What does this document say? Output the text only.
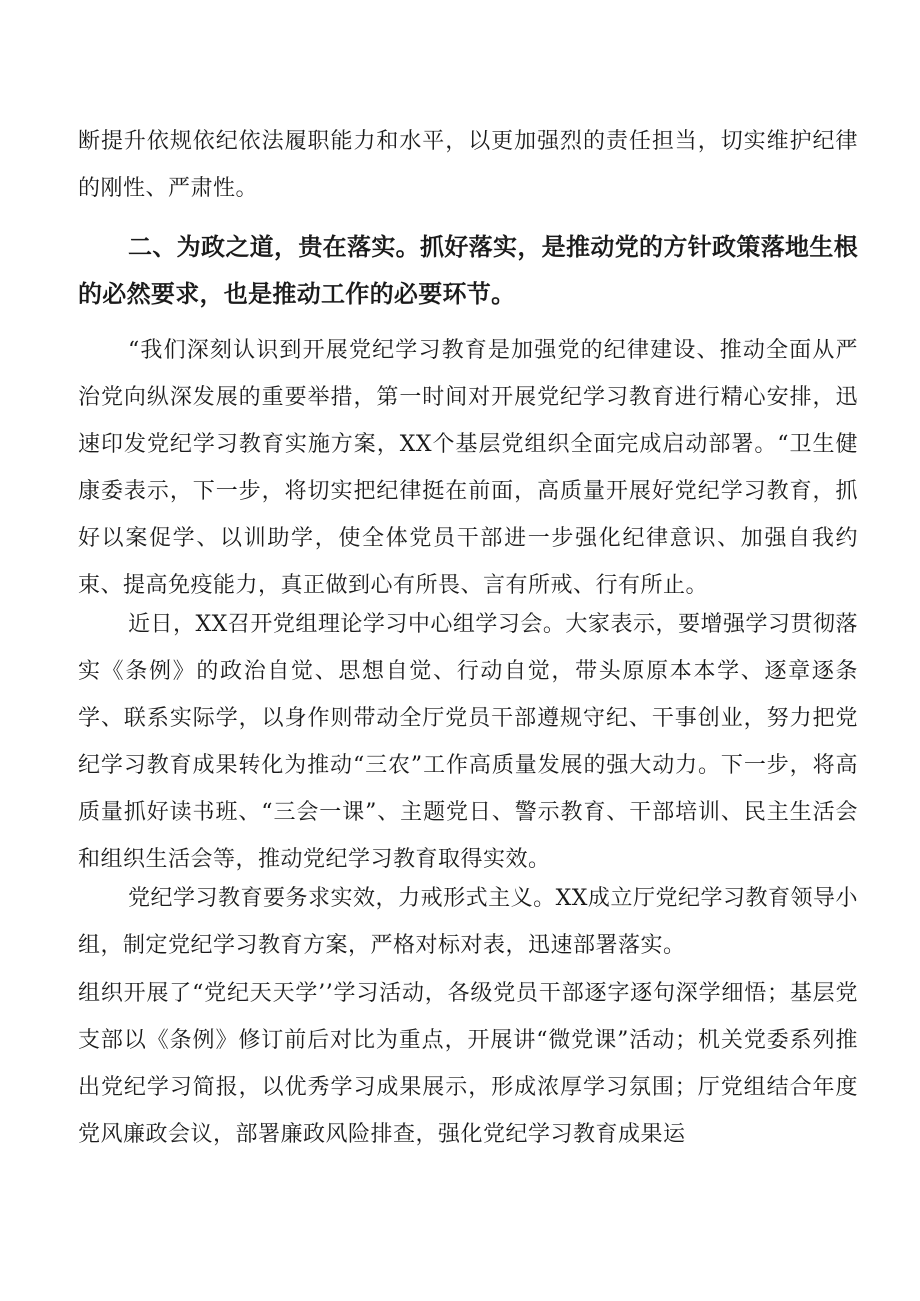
断提升依规依纪依法履职能力和水平，以更加强烈的责任担当，切实维护纪律的刚性、严肃性。

二、为政之道，贵在落实。抓好落实，是推动党的方针政策落地生根的必然要求，也是推动工作的必要环节。

“我们深刻认识到开展党纪学习教育是加强党的纪律建设、推动全面从严治党向纵深发展的重要举措，第一时间对开展党纪学习教育进行精心安排，迅速印发党纪学习教育实施方案，XX个基层党组织全面完成启动部署。“卫生健康委表示，下一步，将切实把纪律挺在前面，高质量开展好党纪学习教育，抓好以案促学、以训助学，使全体党员干部进一步强化纪律意识、加强自我约束、提高免疫能力，真正做到心有所畏、言有所戒、行有所止。

近日，XX召开党组理论学习中心组学习会。大家表示，要增强学习贯彻落实《条例》的政治自觉、思想自觉、行动自觉，带头原原本本学、逐章逐条学、联系实际学，以身作则带动全厅党员干部遵规守纪、干事创业，努力把党纪学习教育成果转化为推动“三农”工作高质量发展的强大动力。下一步，将高质量抓好读书班、“三会一课”、主题党日、警示教育、干部培训、民主生活会和组织生活会等，推动党纪学习教育取得实效。

党纪学习教育要务求实效，力戒形式主义。XX成立厅党纪学习教育领导小组，制定党纪学习教育方案，严格对标对表，迅速部署落实。

组织开展了“党纪天天学’’学习活动，各级党员干部逐字逐句深学细悟；基层党支部以《条例》修订前后对比为重点，开展讲“微党课”活动；机关党委系列推出党纪学习简报，以优秀学习成果展示，形成浓厚学习氛围；厅党组结合年度党风廉政会议，部署廉政风险排查，强化党纪学习教育成果运
